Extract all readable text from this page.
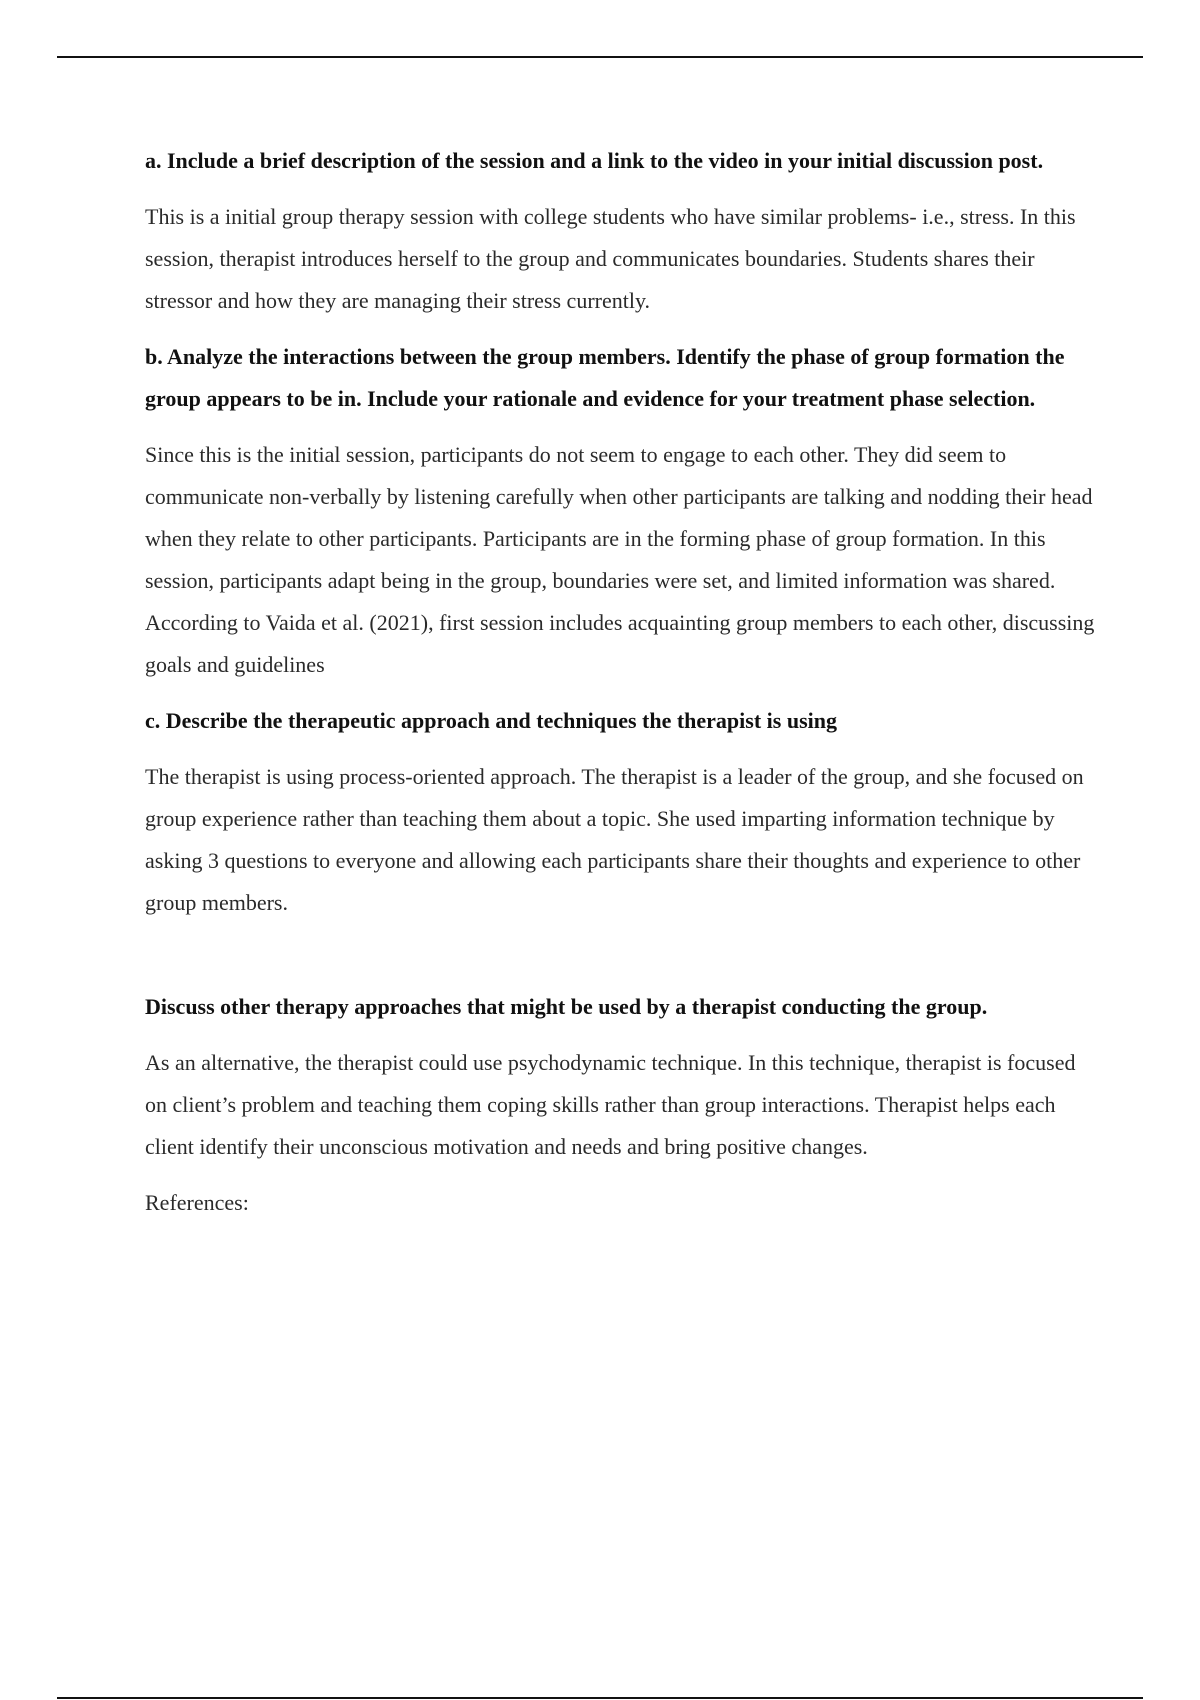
a. Include a brief description of the session and a link to the video in your initial discussion post.

This is a initial group therapy session with college students who have similar problems- i.e., stress. In this session, therapist introduces herself to the group and communicates boundaries. Students shares their stressor and how they are managing their stress currently.

b. Analyze the interactions between the group members. Identify the phase of group formation the group appears to be in. Include your rationale and evidence for your treatment phase selection.

Since this is the initial session, participants do not seem to engage to each other. They did seem to communicate non-verbally by listening carefully when other participants are talking and nodding their head when they relate to other participants. Participants are in the forming phase of group formation. In this session, participants adapt being in the group, boundaries were set, and limited information was shared. According to Vaida et al. (2021), first session includes acquainting group members to each other, discussing goals and guidelines

c. Describe the therapeutic approach and techniques the therapist is using

The therapist is using process-oriented approach. The therapist is a leader of the group, and she focused on group experience rather than teaching them about a topic. She used imparting information technique by asking 3 questions to everyone and allowing each participants share their thoughts and experience to other group members.

Discuss other therapy approaches that might be used by a therapist conducting the group.

As an alternative, the therapist could use psychodynamic technique. In this technique, therapist is focused on client’s problem and teaching them coping skills rather than group interactions. Therapist helps each client identify their unconscious motivation and needs and bring positive changes.

References:
